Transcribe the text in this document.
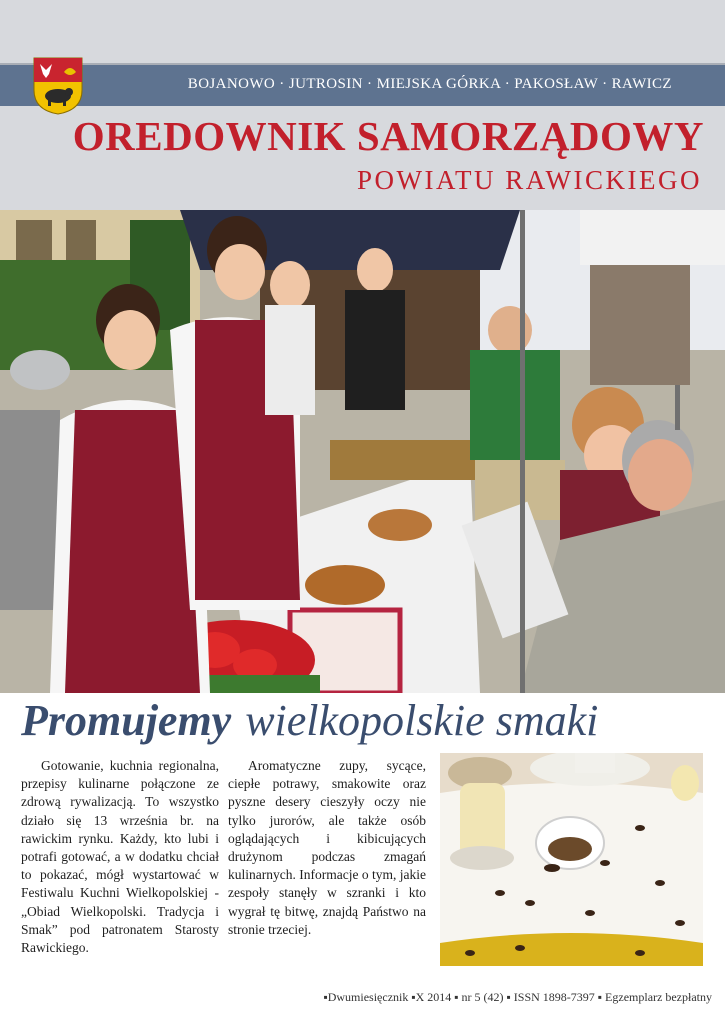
BOJANOWO · JUTROSIN · MIEJSKA GÓRKA · PAKOSŁAW · RAWICZ
OREDOWNIK SAMORZĄDOWY
POWIATU RAWICKIEGO
Promujemy wielkopolskie smaki

Gotowanie, kuchnia regionalna, przepisy kulinarne połączone ze zdrową rywalizacją. To wszystko działo się 13 września br. na rawickim rynku. Każdy, kto lubi i potrafi gotować, a w dodatku chciał to pokazać, mógł wystartować w Festiwalu Kuchni Wielkopolskiej - „Obiad Wielkopolski. Tradycja i Smak” pod patronatem Starosty Rawickiego.

Aromatyczne zupy, sycące, ciepłe potrawy, smakowite oraz pyszne desery cieszyły oczy nie tylko jurorów, ale także osób oglądających i kibicujących drużynom podczas zmagań kulinarnych. Informacje o tym, jakie zespoły stanęły w szranki i kto wygrał tę bitwę, znajdą Państwo na stronie trzeciej.

▪Dwumiesięcznik ▪X 2014 ▪ nr 5 (42) ▪ ISSN 1898-7397 ▪ Egzemplarz bezpłatny
